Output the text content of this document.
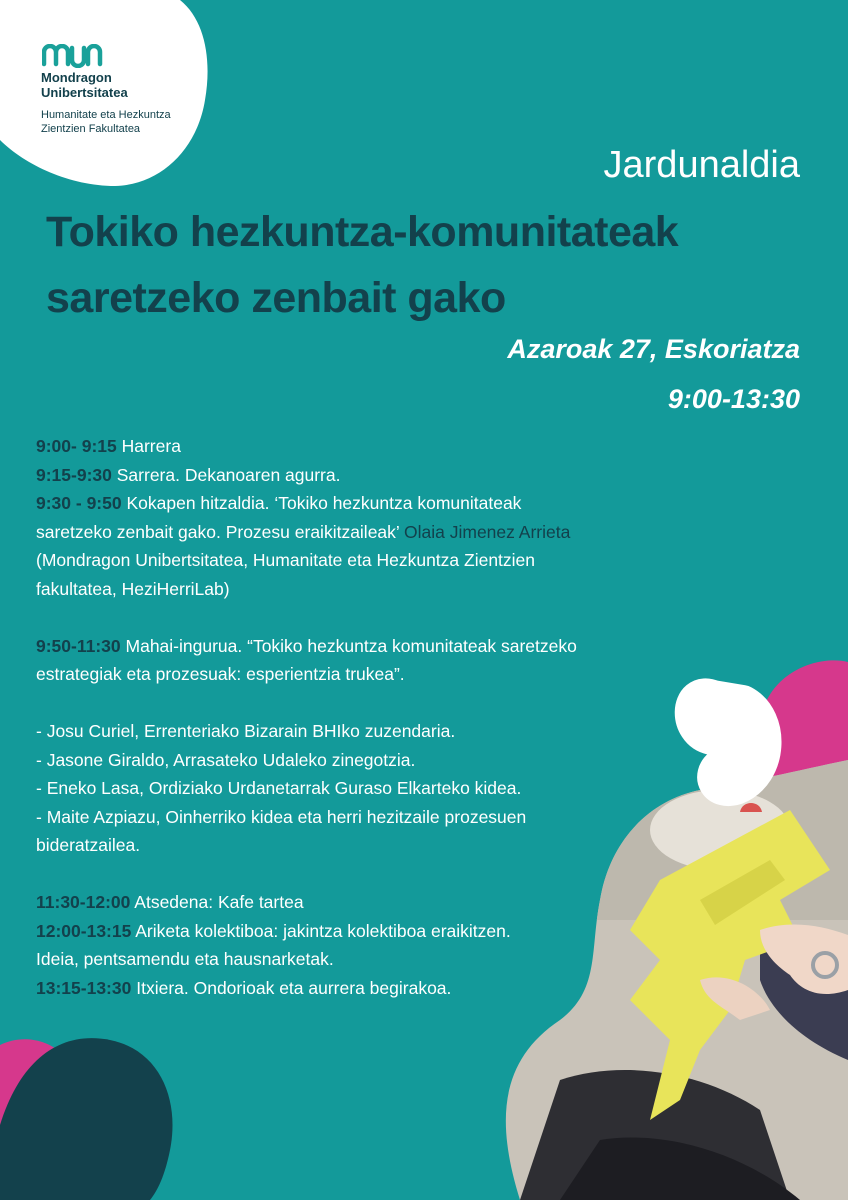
Mondragon
Unibertsitatea
Humanitate eta Hezkuntza
Zientzien Fakultatea
Jardunaldia
Tokiko hezkuntza-komunitateak
saretzeko zenbait gako
Azaroak 27, Eskoriatza
9:00-13:30

9:00- 9:15 Harrera

9:15-9:30 Sarrera. Dekanoaren agurra.

9:30 - 9:50 Kokapen hitzaldia. ‘Tokiko hezkuntza komunitateak

saretzeko zenbait gako. Prozesu eraikitzaileak’ Olaia Jimenez Arrieta

(Mondragon Unibertsitatea, Humanitate eta Hezkuntza Zientzien

fakultatea, HeziHerriLab)

9:50-11:30 Mahai-ingurua. “Tokiko hezkuntza komunitateak saretzeko

estrategiak eta prozesuak: esperientzia trukea”.

- Josu Curiel, Errenteriako Bizarain BHIko zuzendaria.

- Jasone Giraldo, Arrasateko Udaleko zinegotzia.

- Eneko Lasa, Ordiziako Urdanetarrak Guraso Elkarteko kidea.

- Maite Azpiazu, Oinherriko kidea eta herri hezitzaile prozesuen

bideratzailea.

11:30-12:00 Atsedena: Kafe tartea

12:00-13:15 Ariketa kolektiboa: jakintza kolektiboa eraikitzen.

Ideia, pentsamendu eta hausnarketak.

13:15-13:30 Itxiera. Ondorioak eta aurrera begirakoa.
